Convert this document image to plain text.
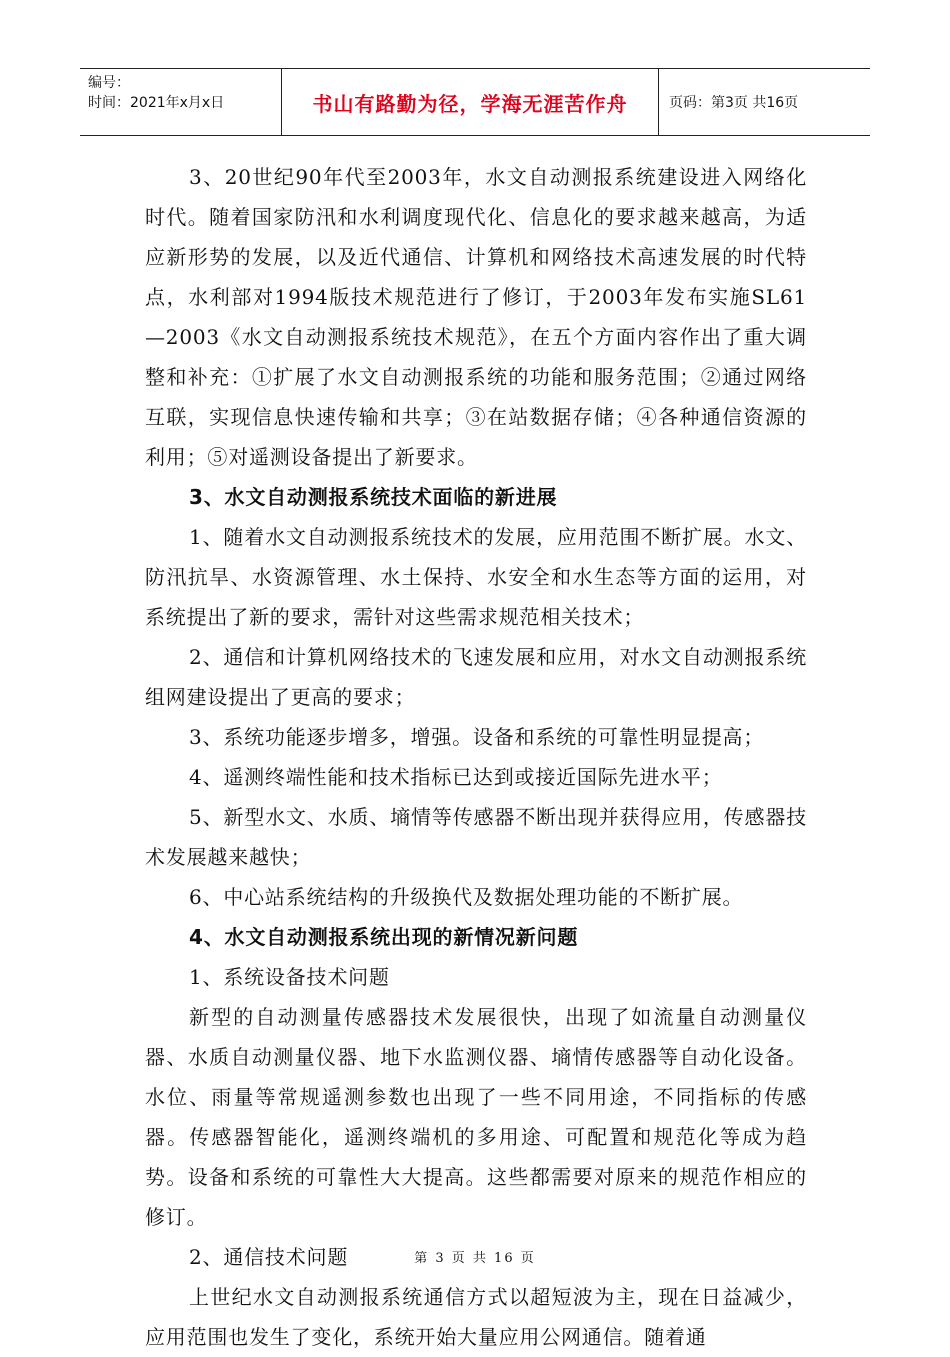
编号：
时间：2021年x月x日	书山有路勤为径，学海无涯苦作舟	页码：第3页 共16页

3、20世纪90年代至2003年，水文自动测报系统建设进入网络化时代。随着国家防汛和水利调度现代化、信息化的要求越来越高，为适应新形势的发展，以及近代通信、计算机和网络技术高速发展的时代特点，水利部对1994版技术规范进行了修订，于2003年发布实施SL61—2003《水文自动测报系统技术规范》，在五个方面内容作出了重大调整和补充：①扩展了水文自动测报系统的功能和服务范围；②通过网络互联，实现信息快速传输和共享；③在站数据存储；④各种通信资源的利用；⑤对遥测设备提出了新要求。

3、水文自动测报系统技术面临的新进展

1、随着水文自动测报系统技术的发展，应用范围不断扩展。水文、防汛抗旱、水资源管理、水土保持、水安全和水生态等方面的运用，对系统提出了新的要求，需针对这些需求规范相关技术；

2、通信和计算机网络技术的飞速发展和应用，对水文自动测报系统组网建设提出了更高的要求；

3、系统功能逐步增多，增强。设备和系统的可靠性明显提高；

4、遥测终端性能和技术指标已达到或接近国际先进水平；

5、新型水文、水质、墒情等传感器不断出现并获得应用，传感器技术发展越来越快；

6、中心站系统结构的升级换代及数据处理功能的不断扩展。

4、水文自动测报系统出现的新情况新问题

1、系统设备技术问题

新型的自动测量传感器技术发展很快，出现了如流量自动测量仪器、水质自动测量仪器、地下水监测仪器、墒情传感器等自动化设备。水位、雨量等常规遥测参数也出现了一些不同用途，不同指标的传感器。传感器智能化，遥测终端机的多用途、可配置和规范化等成为趋势。设备和系统的可靠性大大提高。这些都需要对原来的规范作相应的修订。

2、通信技术问题

上世纪水文自动测报系统通信方式以超短波为主，现在日益减少，应用范围也发生了变化，系统开始大量应用公网通信。随着通

第 3 页 共 16 页
